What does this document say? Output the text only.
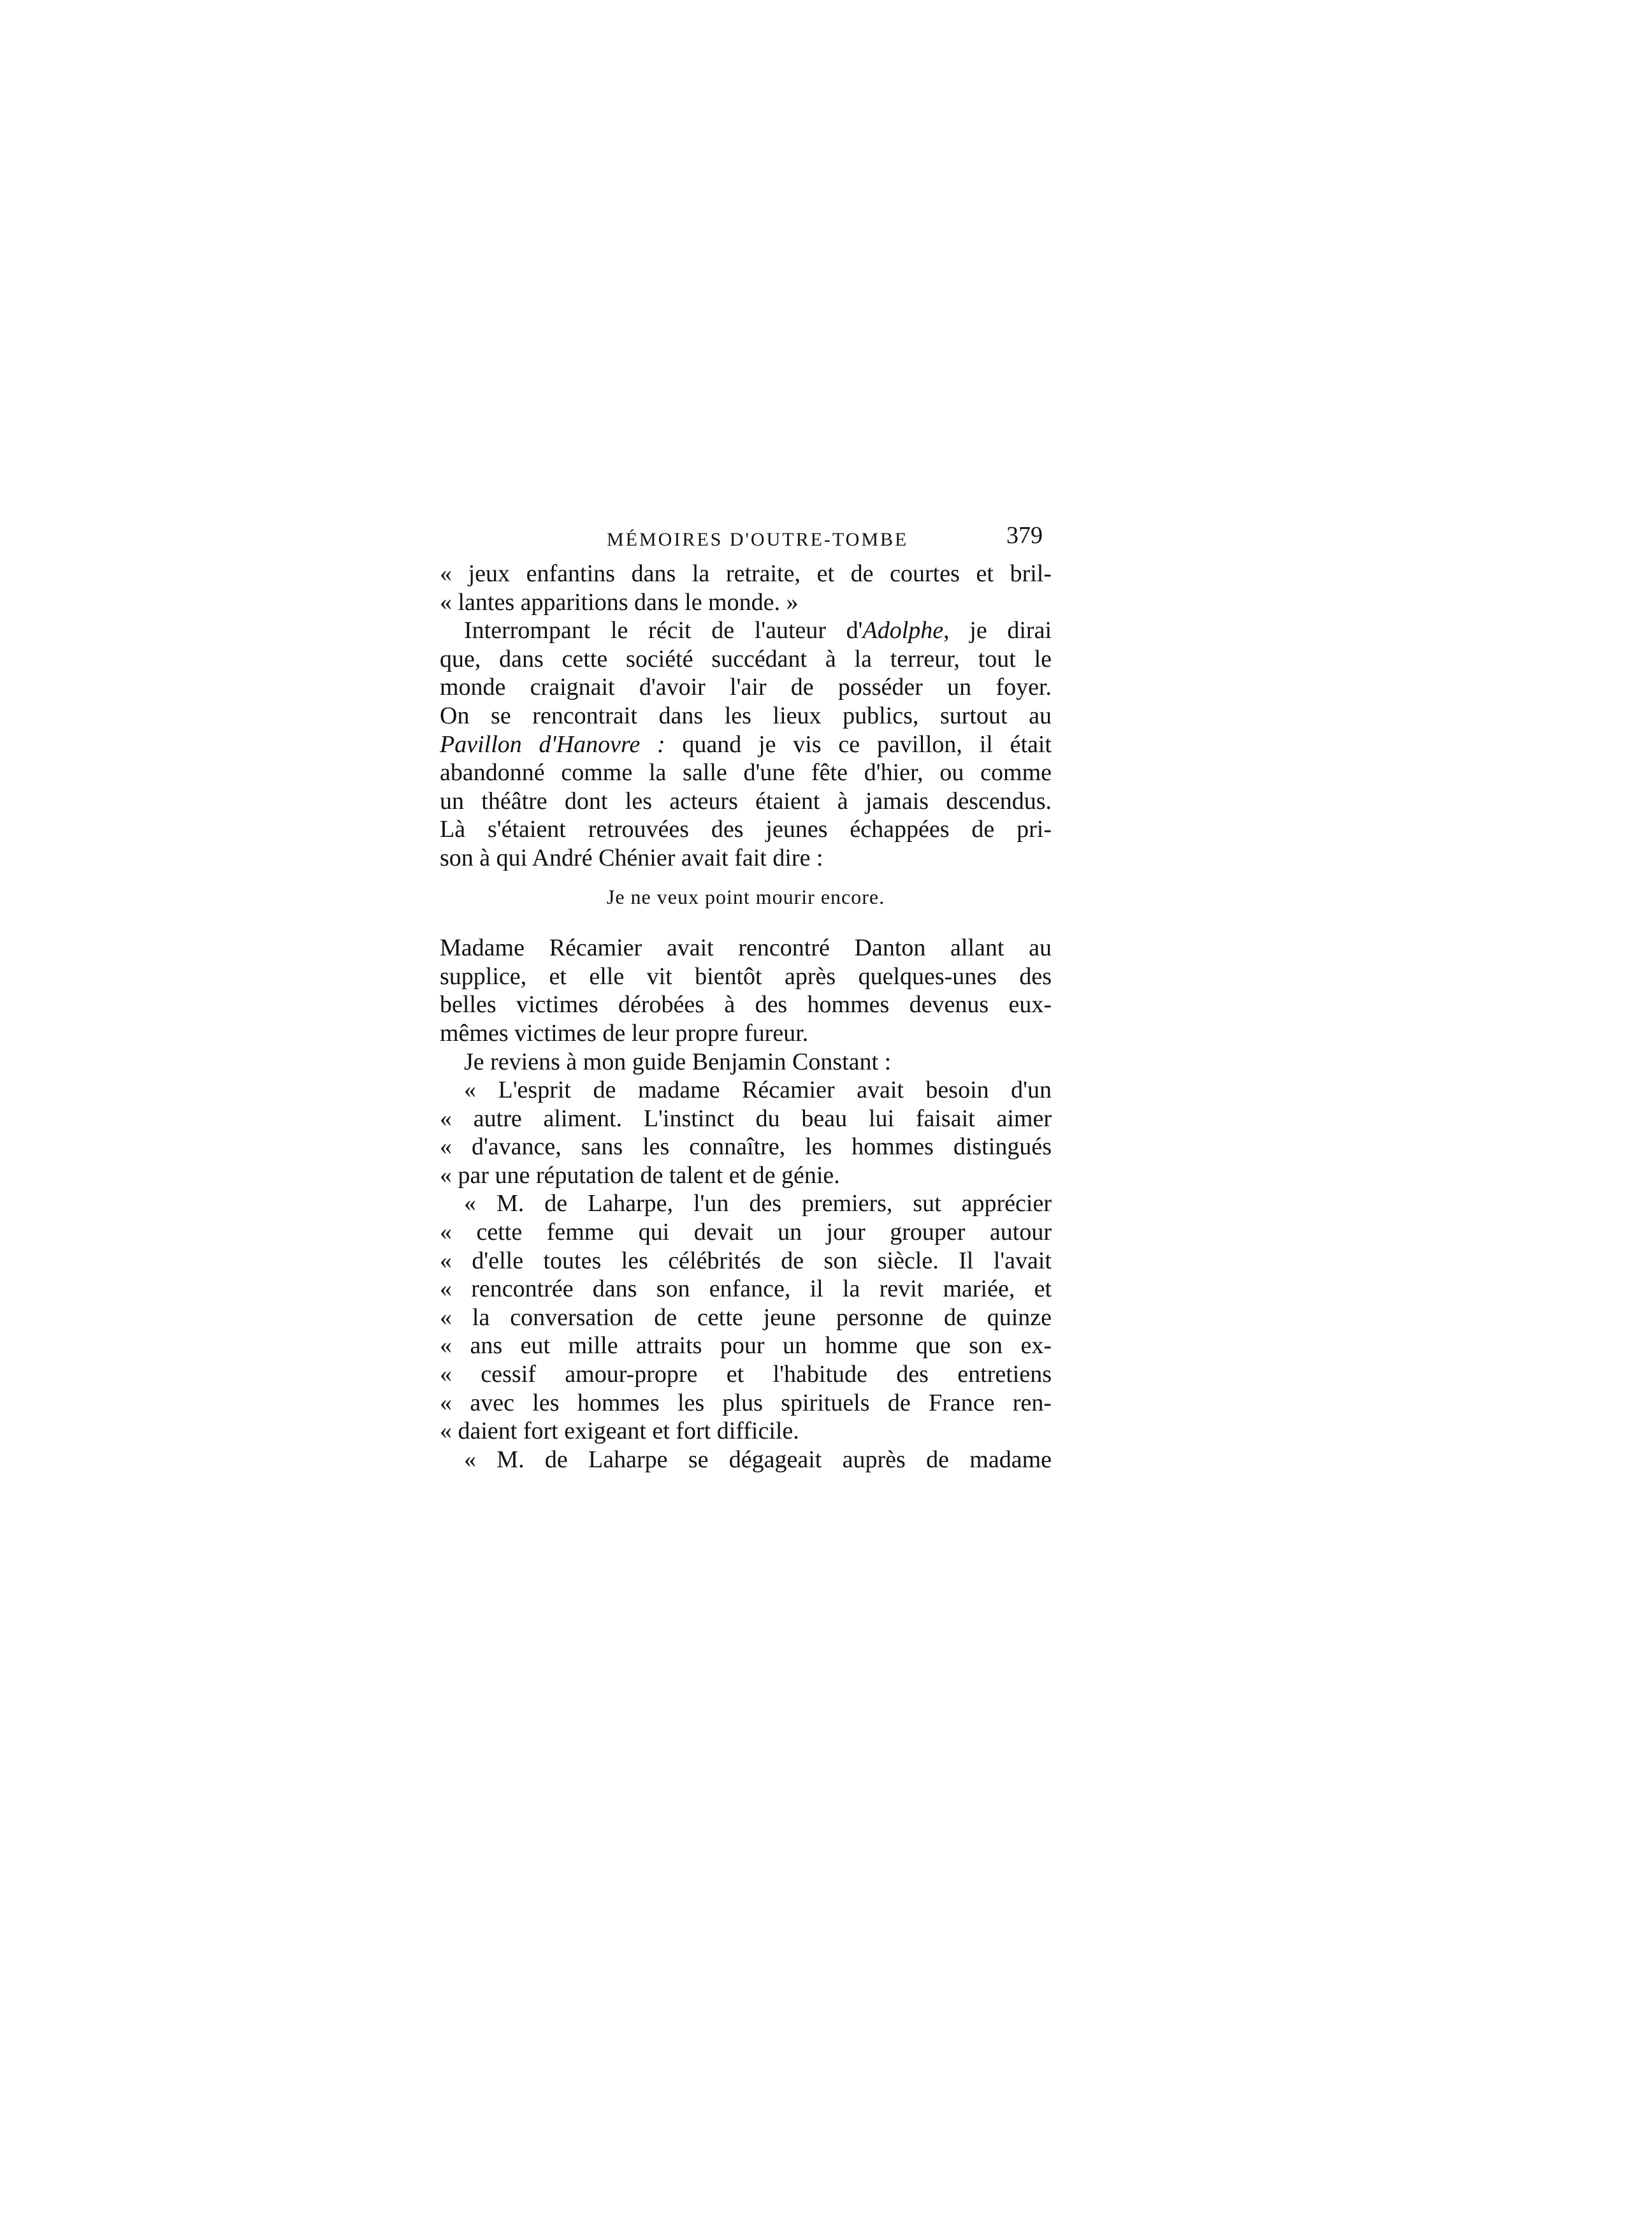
MÉMOIRES D'OUTRE-TOMBE	379
« jeux enfantins dans la retraite, et de courtes et bril-
« lantes apparitions dans le monde. »
Interrompant le récit de l'auteur d'Adolphe, je dirai
que, dans cette société succédant à la terreur, tout le
monde craignait d'avoir l'air de posséder un foyer.
On se rencontrait dans les lieux publics, surtout au
Pavillon d'Hanovre : quand je vis ce pavillon, il était
abandonné comme la salle d'une fête d'hier, ou comme
un théâtre dont les acteurs étaient à jamais descendus.
Là s'étaient retrouvées des jeunes échappées de pri-
son à qui André Chénier avait fait dire :
Je ne veux point mourir encore.
Madame Récamier avait rencontré Danton allant au
supplice, et elle vit bientôt après quelques-unes des
belles victimes dérobées à des hommes devenus eux-
mêmes victimes de leur propre fureur.
Je reviens à mon guide Benjamin Constant :
« L'esprit de madame Récamier avait besoin d'un
« autre aliment. L'instinct du beau lui faisait aimer
« d'avance, sans les connaître, les hommes distingués
« par une réputation de talent et de génie.
« M. de Laharpe, l'un des premiers, sut apprécier
« cette femme qui devait un jour grouper autour
« d'elle toutes les célébrités de son siècle. Il l'avait
« rencontrée dans son enfance, il la revit mariée, et
« la conversation de cette jeune personne de quinze
« ans eut mille attraits pour un homme que son ex-
« cessif amour-propre et l'habitude des entretiens
« avec les hommes les plus spirituels de France ren-
« daient fort exigeant et fort difficile.
« M. de Laharpe se dégageait auprès de madame
